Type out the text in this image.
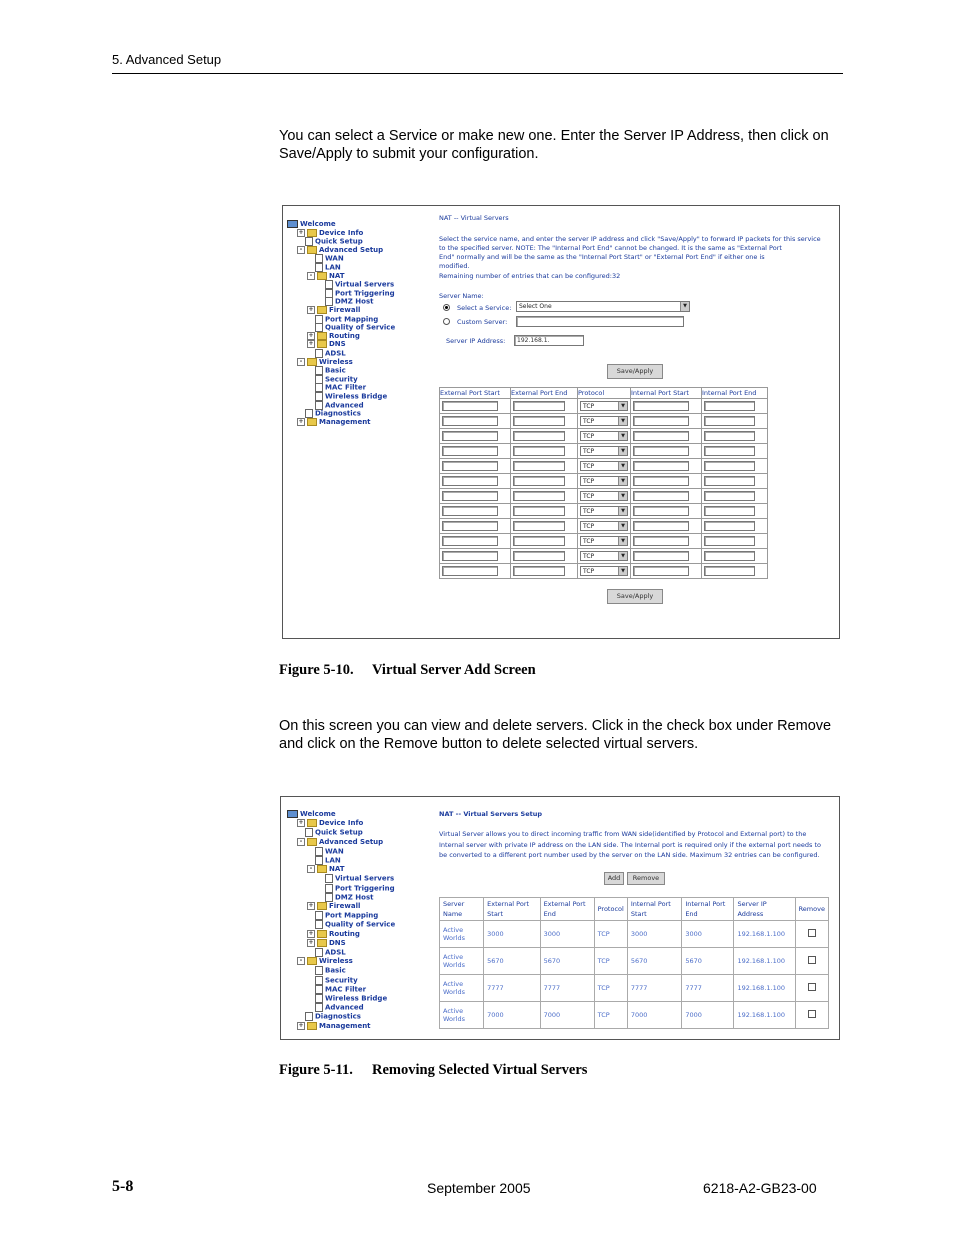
5. Advanced Setup
You can select a Service or make new one. Enter the Server IP Address, then click on Save/Apply to submit your configuration.
Welcome
+ Device Info
Quick Setup
- Advanced Setup
WAN
LAN
- NAT
Virtual Servers
Port Triggering
DMZ Host
+ Firewall
Port Mapping
Quality of Service
+ Routing
+ DNS
ADSL
- Wireless
Basic
Security
MAC Filter
Wireless Bridge
Advanced
Diagnostics
+ Management
NAT -- Virtual Servers
Select the service name, and enter the server IP address and click "Save/Apply" to forward IP packets for this service
to the specified server. NOTE: The "Internal Port End" cannot be changed. It is the same as "External Port
End" normally and will be the same as the "Internal Port Start" or "External Port End" if either one is
modified.
Remaining number of entries that can be configured:32
Server Name:
Select a Service:	Select One	▼
Custom Server:
Server IP Address:	192.168.1.
Save/Apply
External Port Start	External Port End	Protocol	Internal Port Start	Internal Port End

		TCP ▼		

		TCP ▼		

		TCP ▼		

		TCP ▼		

		TCP ▼		

		TCP ▼		

		TCP ▼		

		TCP ▼		

		TCP ▼		

		TCP ▼		

		TCP ▼		

		TCP ▼		

Save/Apply
Figure 5-10. Virtual Server Add Screen
On this screen you can view and delete servers. Click in the check box under Remove and click on the Remove button to delete selected virtual servers.
Welcome
+ Device Info
Quick Setup
- Advanced Setup
WAN
LAN
- NAT
Virtual Servers
Port Triggering
DMZ Host
+ Firewall
Port Mapping
Quality of Service
+ Routing
+ DNS
ADSL
- Wireless
Basic
Security
MAC Filter
Wireless Bridge
Advanced
Diagnostics
+ Management
NAT -- Virtual Servers Setup
Virtual Server allows you to direct incoming traffic from WAN side(identified by Protocol and External port) to the
Internal server with private IP address on the LAN side. The Internal port is required only if the external port needs to
be converted to a different port number used by the server on the LAN side. Maximum 32 entries can be configured.
Add	Remove
Server Name	External Port Start	External Port End	Protocol	Internal Port Start	Internal Port End	Server IP Address	Remove
Active Worlds	3000	3000	TCP	3000	3000	192.168.1.100	
Active Worlds	5670	5670	TCP	5670	5670	192.168.1.100	
Active Worlds	7777	7777	TCP	7777	7777	192.168.1.100	
Active Worlds	7000	7000	TCP	7000	7000	192.168.1.100	
Figure 5-11. Removing Selected Virtual Servers
5-8	September 2005	6218-A2-GB23-00
